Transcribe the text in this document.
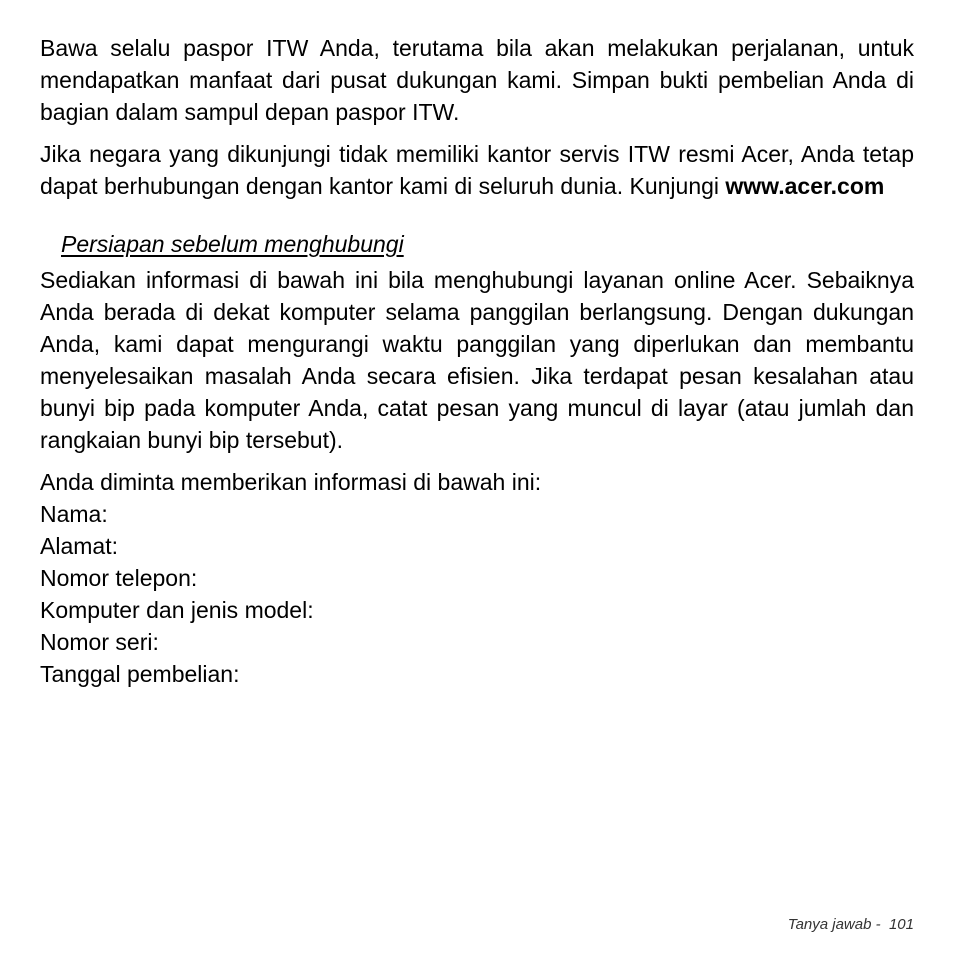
Bawa selalu paspor ITW Anda, terutama bila akan melakukan perjalanan, untuk mendapatkan manfaat dari pusat dukungan kami. Simpan bukti pembelian Anda di bagian dalam sampul depan paspor ITW.

Jika negara yang dikunjungi tidak memiliki kantor servis ITW resmi Acer, Anda tetap dapat berhubungan dengan kantor kami di seluruh dunia. Kunjungi www.acer.com

Persiapan sebelum menghubungi

Sediakan informasi di bawah ini bila menghubungi layanan online Acer. Sebaiknya Anda berada di dekat komputer selama panggilan berlangsung. Dengan dukungan Anda, kami dapat mengurangi waktu panggilan yang diperlukan dan membantu menyelesaikan masalah Anda secara efisien. Jika terdapat pesan kesalahan atau bunyi bip pada komputer Anda, catat pesan yang muncul di layar (atau jumlah dan rangkaian bunyi bip tersebut).

Anda diminta memberikan informasi di bawah ini:
Nama:
Alamat:
Nomor telepon:
Komputer dan jenis model:
Nomor seri:
Tanggal pembelian:
Tanya jawab -  101
